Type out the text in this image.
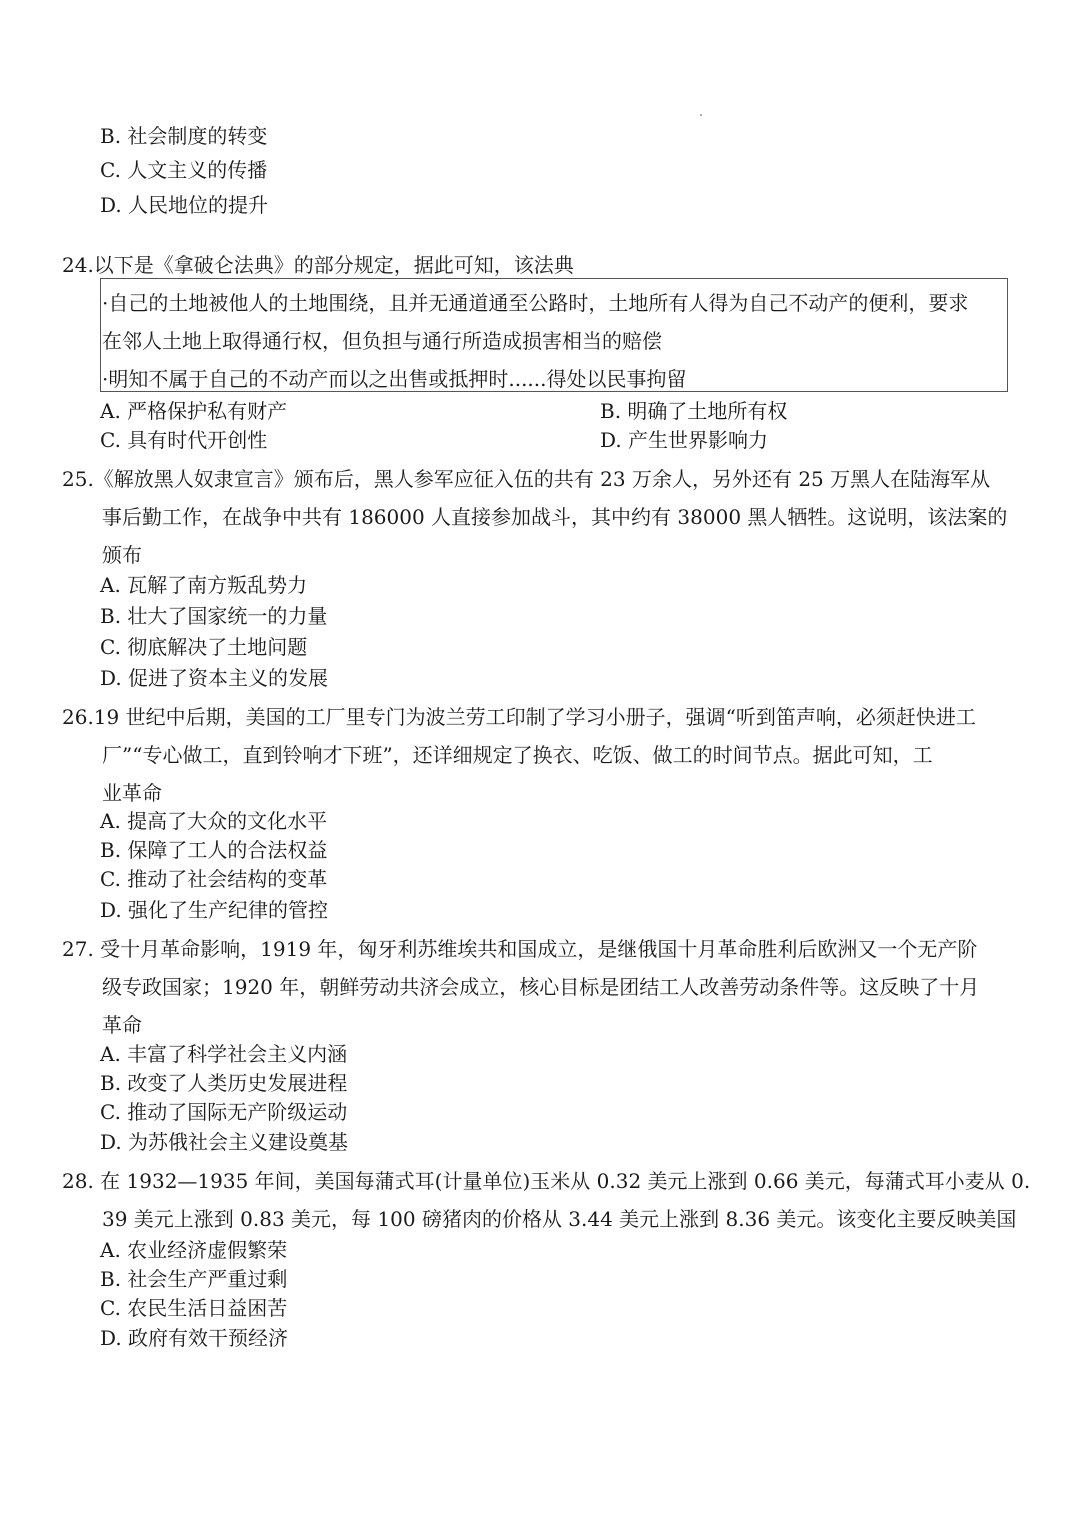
B. 社会制度的转变
C. 人文主义的传播
D. 人民地位的提升
24.以下是《拿破仑法典》的部分规定，据此可知，该法典
·自己的土地被他人的土地围绕，且并无通道通至公路时，土地所有人得为自己不动产的便利，要求
在邻人土地上取得通行权，但负担与通行所造成损害相当的赔偿
·明知不属于自己的不动产而以之出售或抵押时......得处以民事拘留
A. 严格保护私有财产	B. 明确了土地所有权
C. 具有时代开创性	D. 产生世界影响力
25.《解放黑人奴隶宣言》颁布后，黑人参军应征入伍的共有 23 万余人，另外还有 25 万黑人在陆海军从
事后勤工作，在战争中共有 186000 人直接参加战斗，其中约有 38000 黑人牺牲。这说明，该法案的
颁布
A. 瓦解了南方叛乱势力
B. 壮大了国家统一的力量
C. 彻底解决了土地问题
D. 促进了资本主义的发展
26.19 世纪中后期，美国的工厂里专门为波兰劳工印制了学习小册子，强调“听到笛声响，必须赶快进工
厂”“专心做工，直到铃响才下班”，还详细规定了换衣、吃饭、做工的时间节点。据此可知，工
业革命
A. 提高了大众的文化水平
B. 保障了工人的合法权益
C. 推动了社会结构的变革
D. 强化了生产纪律的管控
27. 受十月革命影响，1919 年，匈牙利苏维埃共和国成立，是继俄国十月革命胜利后欧洲又一个无产阶
级专政国家；1920 年，朝鲜劳动共济会成立，核心目标是团结工人改善劳动条件等。这反映了十月
革命
A. 丰富了科学社会主义内涵
B. 改变了人类历史发展进程
C. 推动了国际无产阶级运动
D. 为苏俄社会主义建设奠基
28. 在 1932—1935 年间，美国每蒲式耳(计量单位)玉米从 0.32 美元上涨到 0.66 美元，每蒲式耳小麦从 0.
39 美元上涨到 0.83 美元，每 100 磅猪肉的价格从 3.44 美元上涨到 8.36 美元。该变化主要反映美国
A. 农业经济虚假繁荣
B. 社会生产严重过剩
C. 农民生活日益困苦
D. 政府有效干预经济
